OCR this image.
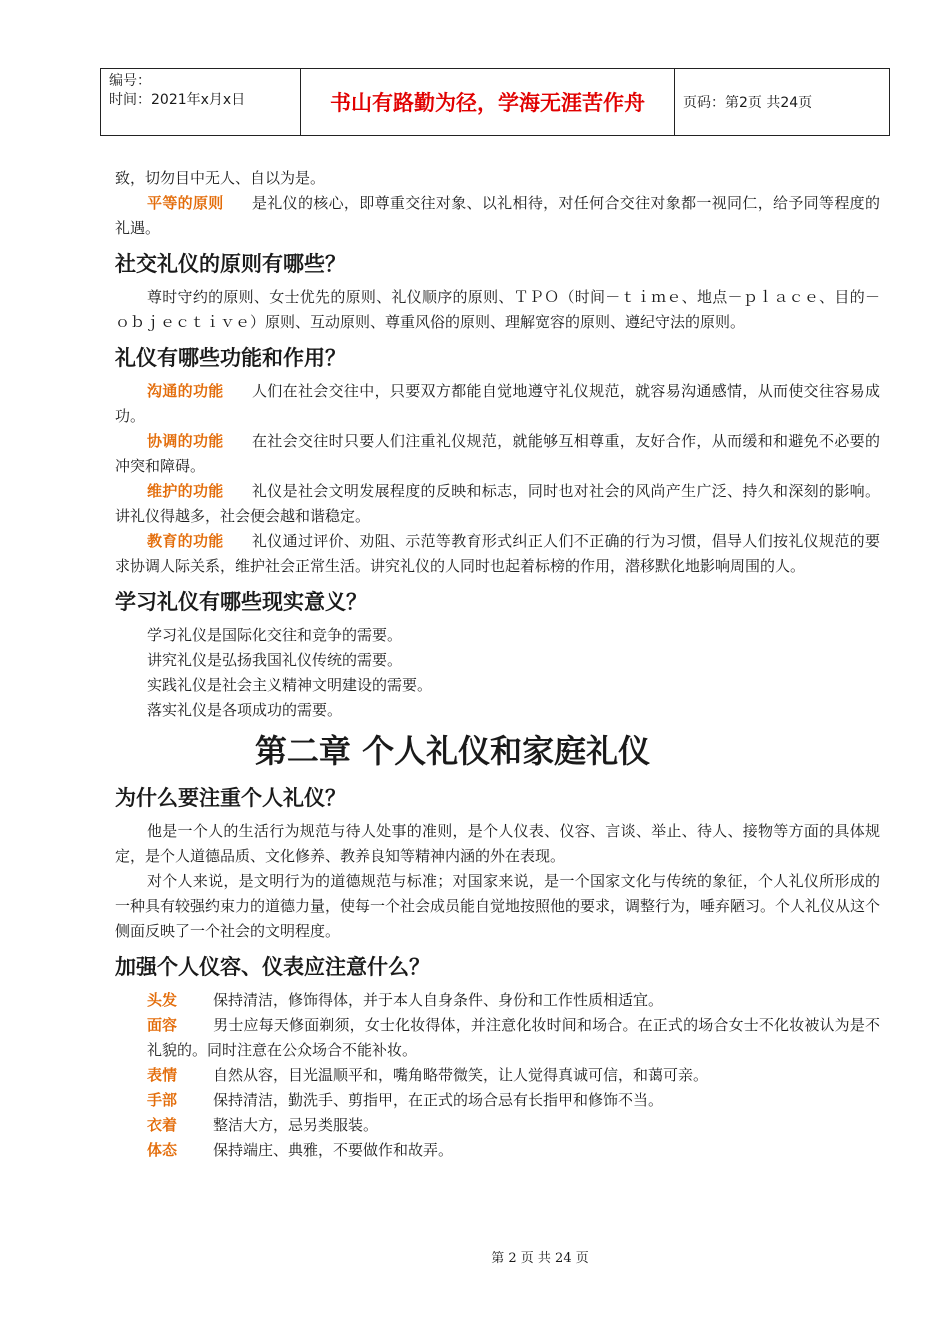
编号：
时间：2021年x月x日	书山有路勤为径，学海无涯苦作舟	页码：第2页 共24页

致，切勿目中无人、自以为是。

平等的原则 是礼仪的核心，即尊重交往对象、以礼相待，对任何合交往对象都一视同仁，给予同等程度的礼遇。

社交礼仪的原则有哪些？

尊时守约的原则、女士优先的原则、礼仪顺序的原则、ＴＰＯ（时间－ｔｉｍｅ、地点－ｐｌａｃｅ、目的－ｏｂｊｅｃｔｉｖｅ）原则、互动原则、尊重风俗的原则、理解宽容的原则、遵纪守法的原则。

礼仪有哪些功能和作用？

沟通的功能 人们在社会交往中，只要双方都能自觉地遵守礼仪规范，就容易沟通感情，从而使交往容易成功。

协调的功能 在社会交往时只要人们注重礼仪规范，就能够互相尊重，友好合作，从而缓和和避免不必要的冲突和障碍。

维护的功能 礼仪是社会文明发展程度的反映和标志，同时也对社会的风尚产生广泛、持久和深刻的影响。讲礼仪得越多，社会便会越和谐稳定。

教育的功能 礼仪通过评价、劝阻、示范等教育形式纠正人们不正确的行为习惯，倡导人们按礼仪规范的要求协调人际关系，维护社会正常生活。讲究礼仪的人同时也起着标榜的作用，潜移默化地影响周围的人。

学习礼仪有哪些现实意义？

学习礼仪是国际化交往和竞争的需要。

讲究礼仪是弘扬我国礼仪传统的需要。

实践礼仪是社会主义精神文明建设的需要。

落实礼仪是各项成功的需要。

第二章 个人礼仪和家庭礼仪
为什么要注重个人礼仪？

他是一个人的生活行为规范与待人处事的准则，是个人仪表、仪容、言谈、举止、待人、接物等方面的具体规定，是个人道德品质、文化修养、教养良知等精神内涵的外在表现。

对个人来说，是文明行为的道德规范与标准；对国家来说，是一个国家文化与传统的象征，个人礼仪所形成的一种具有较强约束力的道德力量，使每一个社会成员能自觉地按照他的要求，调整行为，唾弃陋习。个人礼仪从这个侧面反映了一个社会的文明程度。

加强个人仪容、仪表应注意什么？

头发 保持清洁，修饰得体，并于本人自身条件、身份和工作性质相适宜。

面容 男士应每天修面剃须，女士化妆得体，并注意化妆时间和场合。在正式的场合女士不化妆被认为是不礼貌的。同时注意在公众场合不能补妆。

表情 自然从容，目光温顺平和，嘴角略带微笑，让人觉得真诚可信，和蔼可亲。

手部 保持清洁，勤洗手、剪指甲，在正式的场合忌有长指甲和修饰不当。

衣着 整洁大方，忌另类服装。

体态 保持端庄、典雅，不要做作和故弄。

第 2 页 共 24 页
